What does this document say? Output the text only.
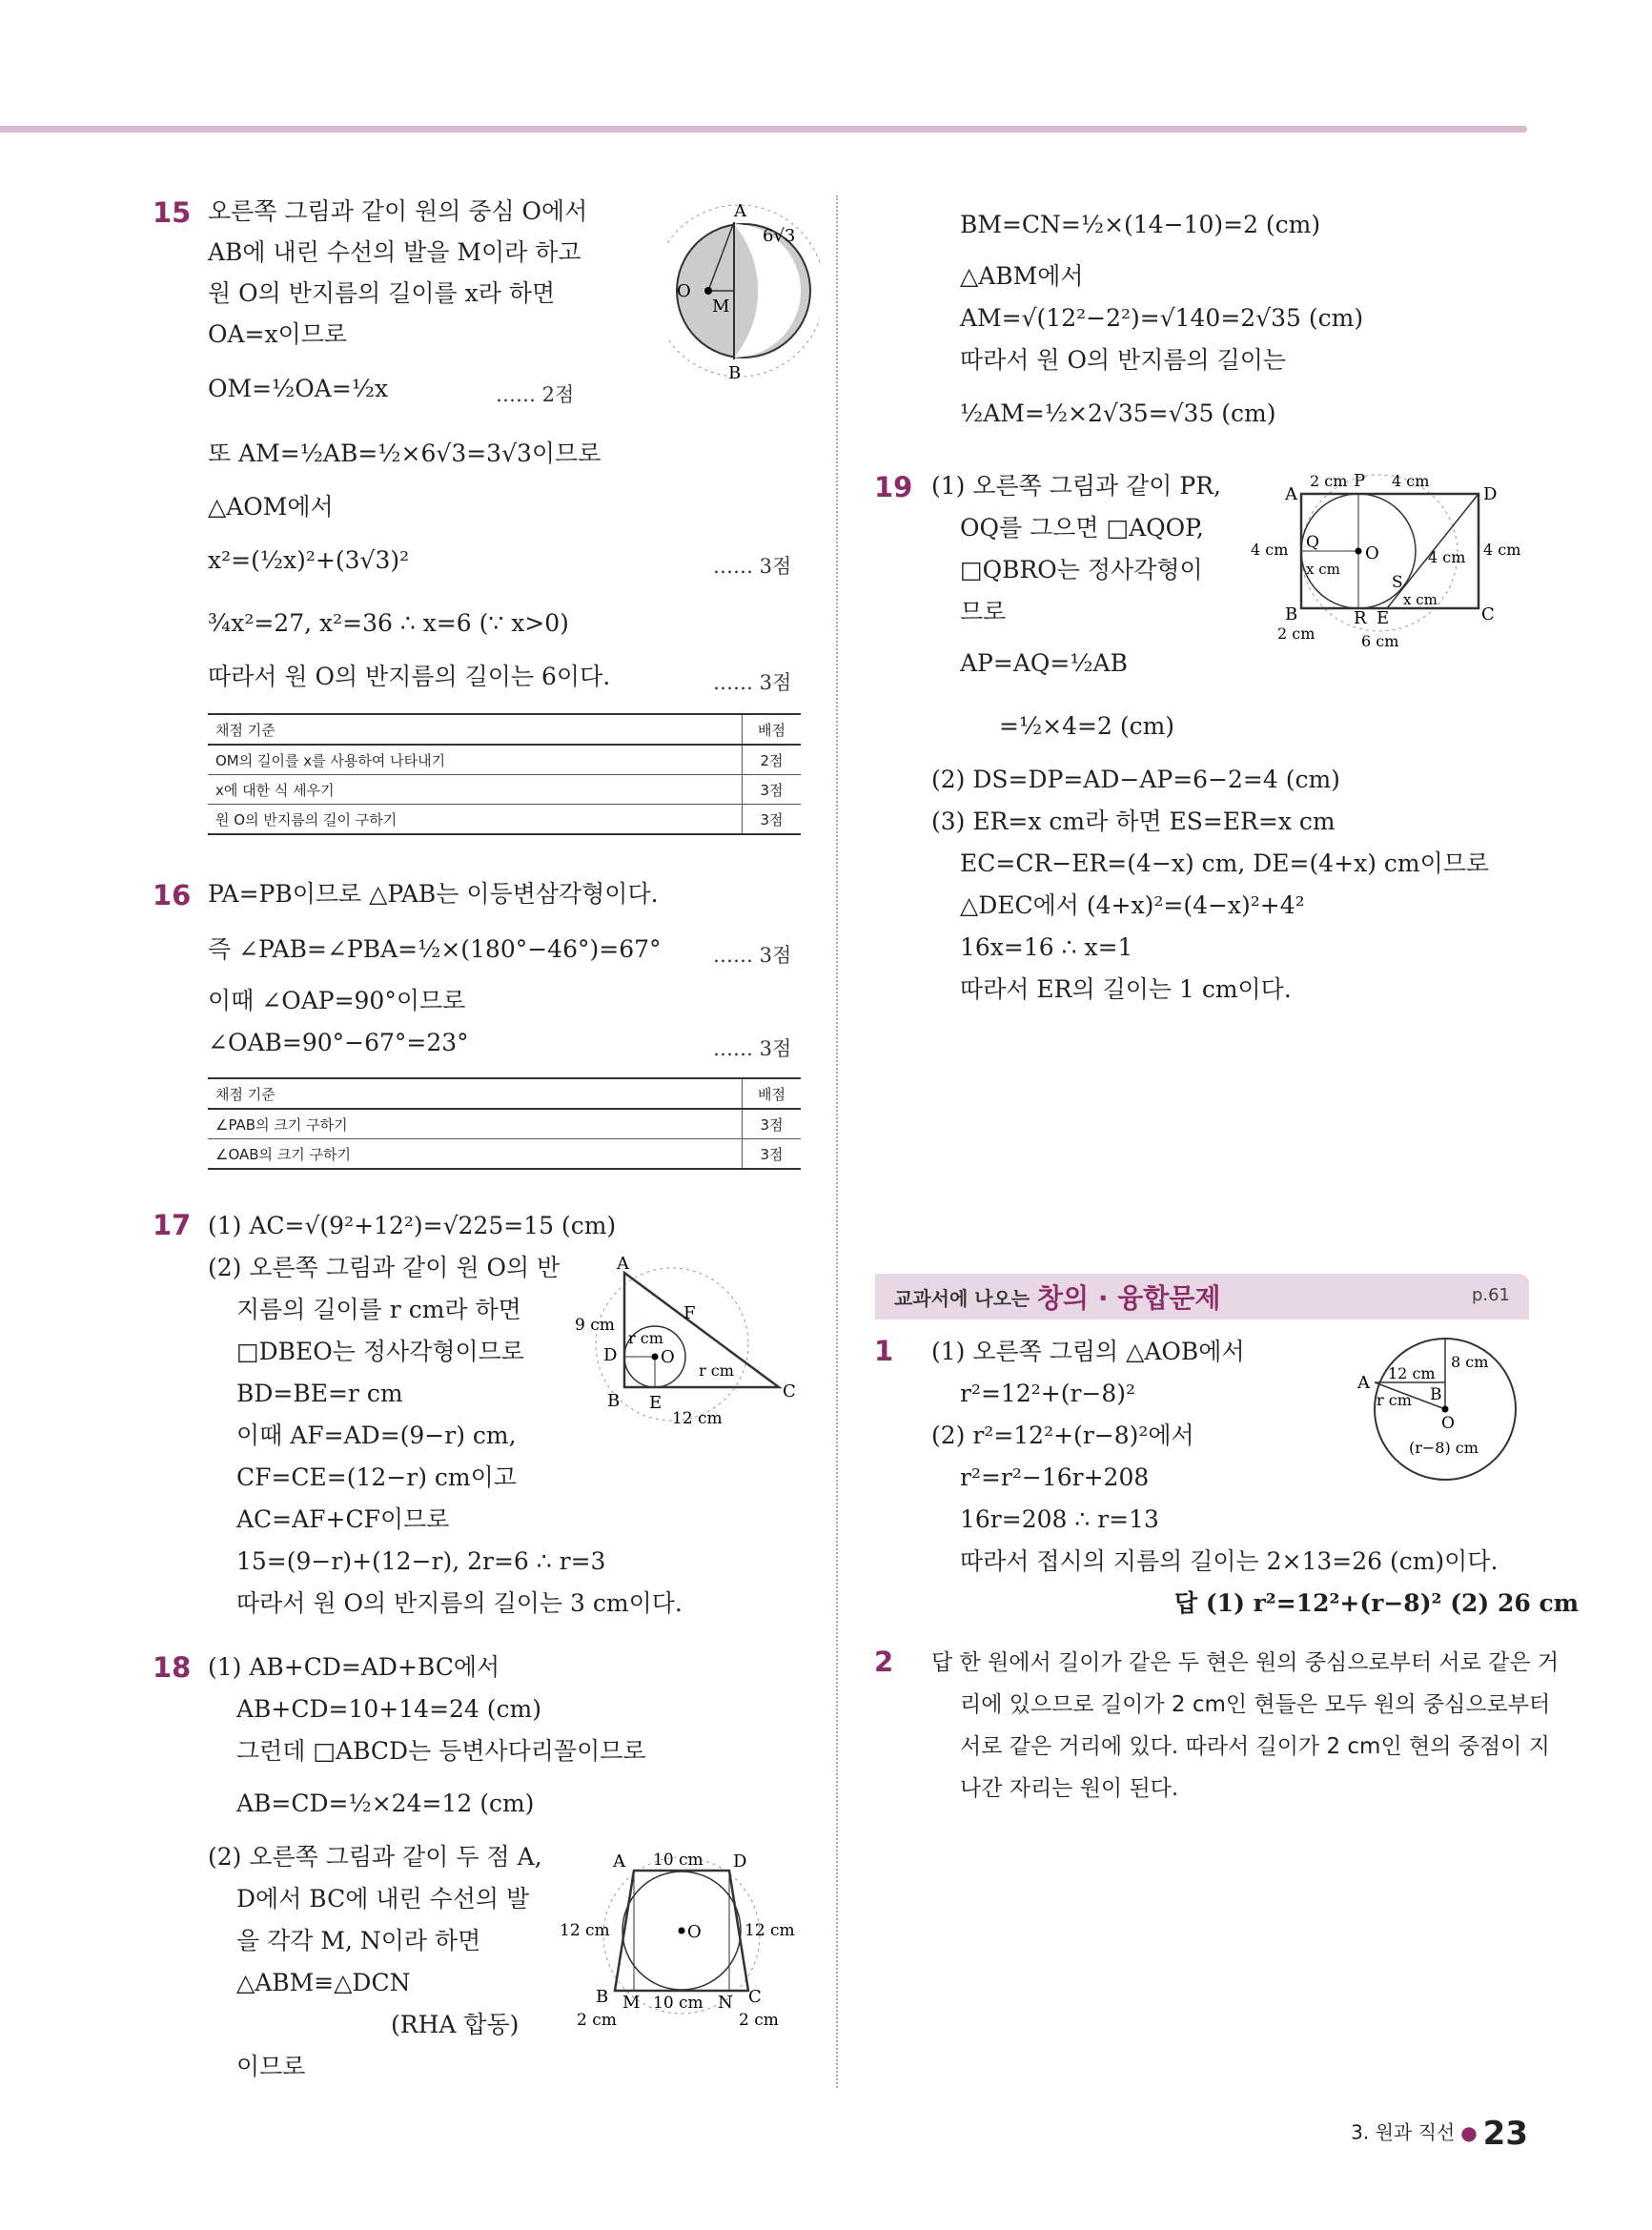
15 오른쪽 그림과 같이 원의 중심 O에서
AB에 내린 수선의 발을 M이라 하고
원 O의 반지름의 길이를 x라 하면
OA=x이므로
OM=½OA=½x	…… 2점
또 AM=½AB=½×6√3=3√3이므로
△AOM에서
x²=(½x)²+(3√3)²	…… 3점
¾x²=27, x²=36 ∴ x=6 (∵ x>0)
따라서 원 O의 반지름의 길이는 6이다.	…… 3점
A
O
M
B
6√3
채점 기준	배점
OM의 길이를 x를 사용하여 나타내기	2점
x에 대한 식 세우기	3점
원 O의 반지름의 길이 구하기	3점
16 PA=PB이므로 △PAB는 이등변삼각형이다.
즉 ∠PAB=∠PBA=½×(180°−46°)=67°	…… 3점
이때 ∠OAP=90°이므로
∠OAB=90°−67°=23°	…… 3점
채점 기준	배점
∠PAB의 크기 구하기	3점
∠OAB의 크기 구하기	3점
17 (1) AC=√(9²+12²)=√225=15 (cm)
(2) 오른쪽 그림과 같이 원 O의 반
지름의 길이를 r cm라 하면
□DBEO는 정사각형이므로
BD=BE=r cm
이때 AF=AD=(9−r) cm,
CF=CE=(12−r) cm이고
AC=AF+CF이므로
15=(9−r)+(12−r), 2r=6 ∴ r=3
따라서 원 O의 반지름의 길이는 3 cm이다.
A
F
D	O
B E
C
9 cm
r cm
r cm
12 cm
18 (1) AB+CD=AD+BC에서
AB+CD=10+14=24 (cm)
그런데 □ABCD는 등변사다리꼴이므로
AB=CD=½×24=12 (cm)
(2) 오른쪽 그림과 같이 두 점 A,
D에서 BC에 내린 수선의 발
을 각각 M, N이라 하면
△ABM≡△DCN
(RHA 합동)
이므로
A	D
O
B M	N C
10 cm
12 cm	12 cm
2 cm
10 cm
2 cm
BM=CN=½×(14−10)=2 (cm)
△ABM에서
AM=√(12²−2²)=√140=2√35 (cm)
따라서 원 O의 반지름의 길이는
½AM=½×2√35=√35 (cm)
19 (1) 오른쪽 그림과 같이 PR,
OQ를 그으면 □AQOP,
□QBRO는 정사각형이
므로
AP=AQ=½AB
=½×4=2 (cm)
(2) DS=DP=AD−AP=6−2=4 (cm)
(3) ER=x cm라 하면 ES=ER=x cm
EC=CR−ER=(4−x) cm, DE=(4+x) cm이므로
△DEC에서 (4+x)²=(4−x)²+4²
16x=16 ∴ x=1
따라서 ER의 길이는 1 cm이다.
A
P
D
Q
O
S
B	R E	C
2 cm	4 cm
4 cm
x cm
x cm
4 cm 4 cm
2 cm	6 cm
교과서에 나오는 창의 · 융합문제	p.61
1 (1) 오른쪽 그림의 △AOB에서
r²=12²+(r−8)²
(2) r²=12²+(r−8)²에서
r²=r²−16r+208
16r=208 ∴ r=13
따라서 접시의 지름의 길이는 2×13=26 (cm)이다.
답 (1) r²=12²+(r−8)² (2) 26 cm
A
B
O
12 cm
8 cm
r cm
(r−8) cm
2 답 한 원에서 길이가 같은 두 현은 원의 중심으로부터 서로 같은 거
리에 있으므로 길이가 2 cm인 현들은 모두 원의 중심으로부터
서로 같은 거리에 있다. 따라서 길이가 2 cm인 현의 중점이 지
나간 자리는 원이 된다.
3. 원과 직선 ● 23
